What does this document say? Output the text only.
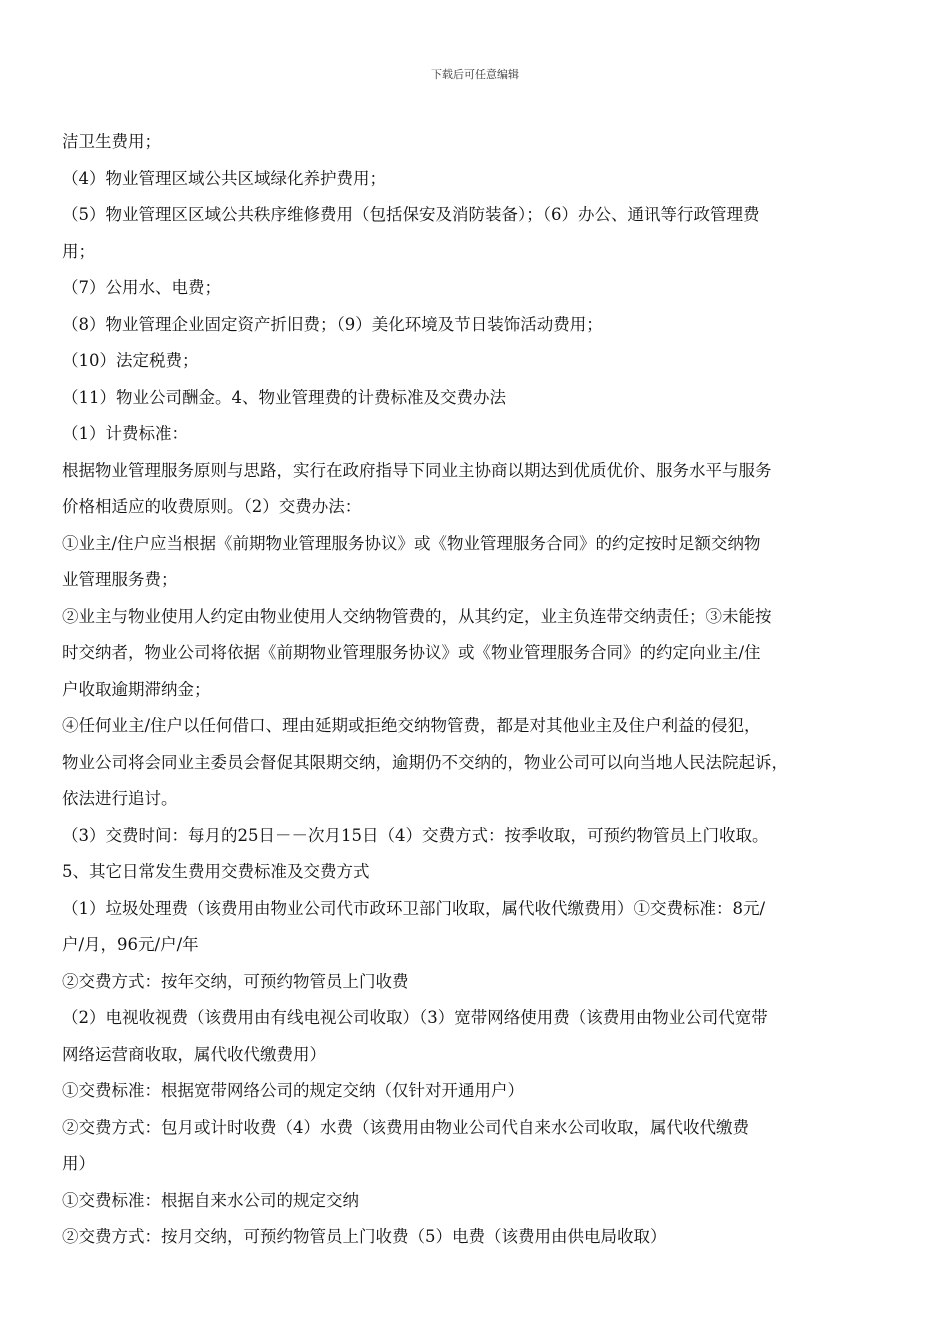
下载后可任意编辑
洁卫生费用；
（4）物业管理区域公共区域绿化养护费用；
（5）物业管理区区域公共秩序维修费用（包括保安及消防装备）；（6）办公、通讯等行政管理费
用；
（7）公用水、电费；
（8）物业管理企业固定资产折旧费；（9）美化环境及节日装饰活动费用；
（10）法定税费；
（11）物业公司酬金。4、物业管理费的计费标准及交费办法
（1）计费标准：
根据物业管理服务原则与思路，实行在政府指导下同业主协商以期达到优质优价、服务水平与服务
价格相适应的收费原则。（2）交费办法：
①业主/住户应当根据《前期物业管理服务协议》或《物业管理服务合同》的约定按时足额交纳物
业管理服务费；
②业主与物业使用人约定由物业使用人交纳物管费的，从其约定，业主负连带交纳责任；③未能按
时交纳者，物业公司将依据《前期物业管理服务协议》或《物业管理服务合同》的约定向业主/住
户收取逾期滞纳金；
④任何业主/住户以任何借口、理由延期或拒绝交纳物管费，都是对其他业主及住户利益的侵犯，
物业公司将会同业主委员会督促其限期交纳，逾期仍不交纳的，物业公司可以向当地人民法院起诉，
依法进行追讨。
（3）交费时间：每月的25日－－次月15日（4）交费方式：按季收取，可预约物管员上门收取。
5、其它日常发生费用交费标准及交费方式
（1）垃圾处理费（该费用由物业公司代市政环卫部门收取，属代收代缴费用）①交费标准：8元/
户/月，96元/户/年
②交费方式：按年交纳，可预约物管员上门收费
（2）电视收视费（该费用由有线电视公司收取）（3）宽带网络使用费（该费用由物业公司代宽带
网络运营商收取，属代收代缴费用）
①交费标准：根据宽带网络公司的规定交纳（仅针对开通用户）
②交费方式：包月或计时收费（4）水费（该费用由物业公司代自来水公司收取，属代收代缴费
用）
①交费标准：根据自来水公司的规定交纳
②交费方式：按月交纳，可预约物管员上门收费（5）电费（该费用由供电局收取）
